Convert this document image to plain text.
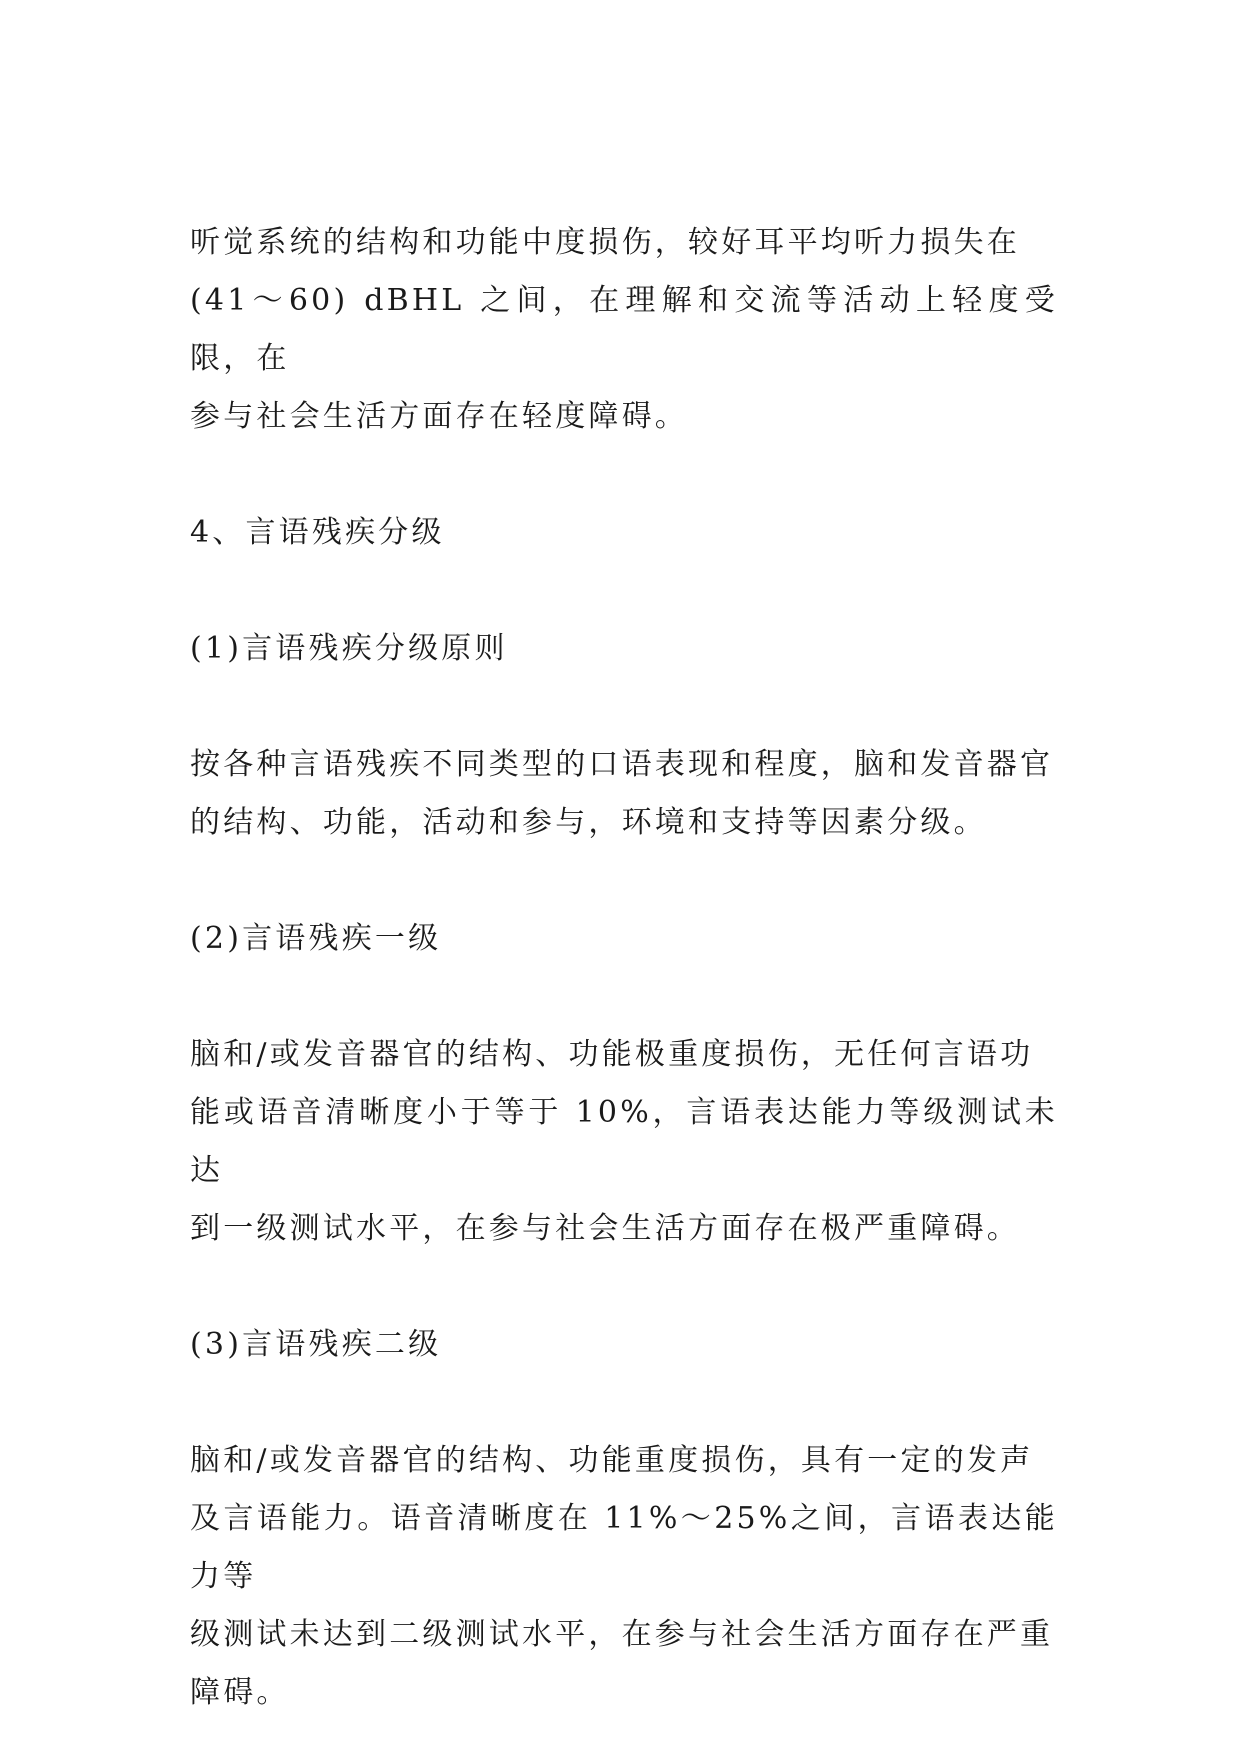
听觉系统的结构和功能中度损伤，较好耳平均听力损失在
(41～60) dBHL 之间，在理解和交流等活动上轻度受限，在
参与社会生活方面存在轻度障碍。
4、言语残疾分级
(1)言语残疾分级原则
按各种言语残疾不同类型的口语表现和程度，脑和发音器官
的结构、功能，活动和参与，环境和支持等因素分级。
(2)言语残疾一级
脑和/或发音器官的结构、功能极重度损伤，无任何言语功
能或语音清晰度小于等于 10%，言语表达能力等级测试未达
到一级测试水平，在参与社会生活方面存在极严重障碍。
(3)言语残疾二级
脑和/或发音器官的结构、功能重度损伤，具有一定的发声
及言语能力。语音清晰度在 11%～25%之间，言语表达能力等
级测试未达到二级测试水平，在参与社会生活方面存在严重
障碍。
